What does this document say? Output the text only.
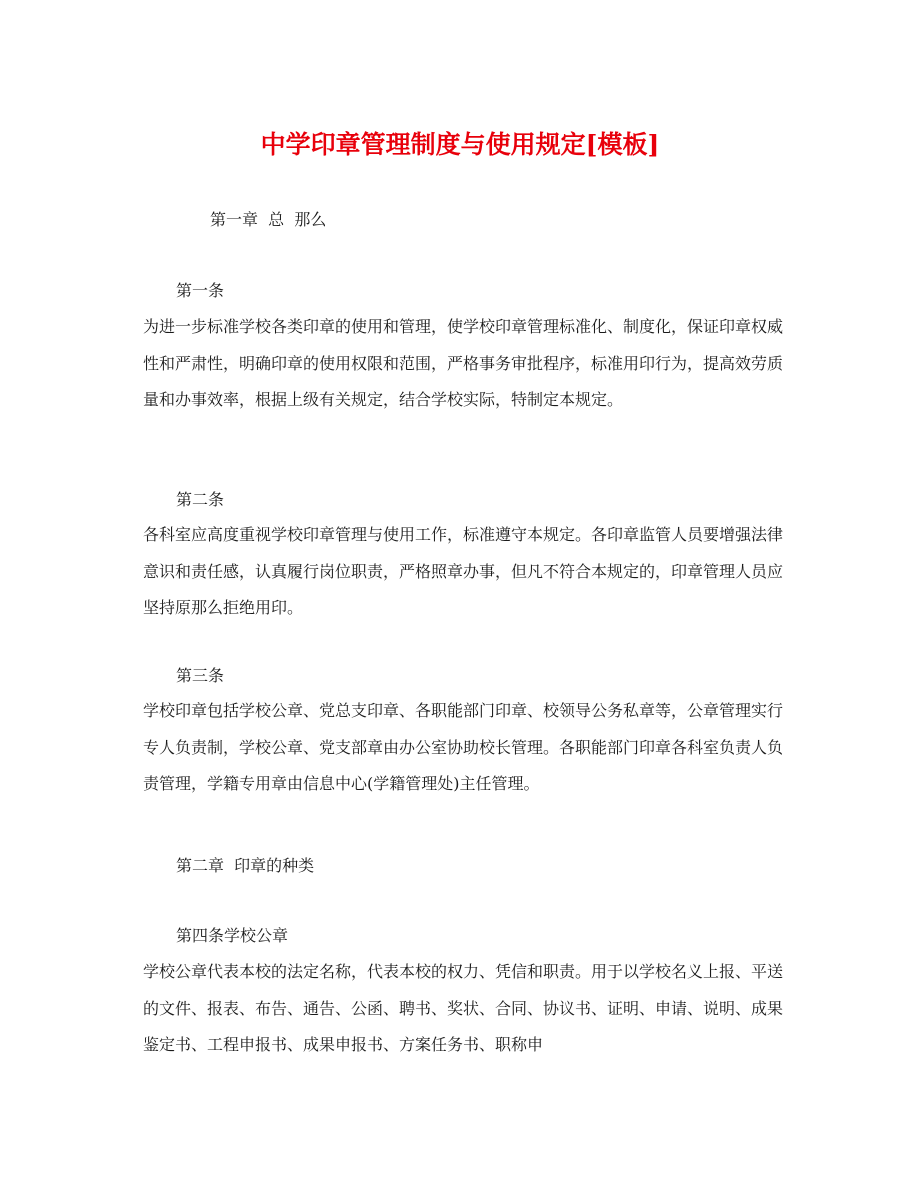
中学印章管理制度与使用规定[模板]
第一章  总  那么
第一条

为进一步标准学校各类印章的使用和管理，使学校印章管理标准化、制度化，保证印章权威性和严肃性，明确印章的使用权限和范围，严格事务审批程序，标准用印行为，提高效劳质量和办事效率，根据上级有关规定，结合学校实际，特制定本规定。

第二条

各科室应高度重视学校印章管理与使用工作，标准遵守本规定。各印章监管人员要增强法律意识和责任感，认真履行岗位职责，严格照章办事，但凡不符合本规定的，印章管理人员应坚持原那么拒绝用印。

第三条

学校印章包括学校公章、党总支印章、各职能部门印章、校领导公务私章等，公章管理实行专人负责制，学校公章、党支部章由办公室协助校长管理。各职能部门印章各科室负责人负责管理，学籍专用章由信息中心(学籍管理处)主任管理。

第二章  印章的种类
第四条学校公章

学校公章代表本校的法定名称，代表本校的权力、凭信和职责。用于以学校名义上报、平送的文件、报表、布告、通告、公函、聘书、奖状、合同、协议书、证明、申请、说明、成果鉴定书、工程申报书、成果申报书、方案任务书、职称申
